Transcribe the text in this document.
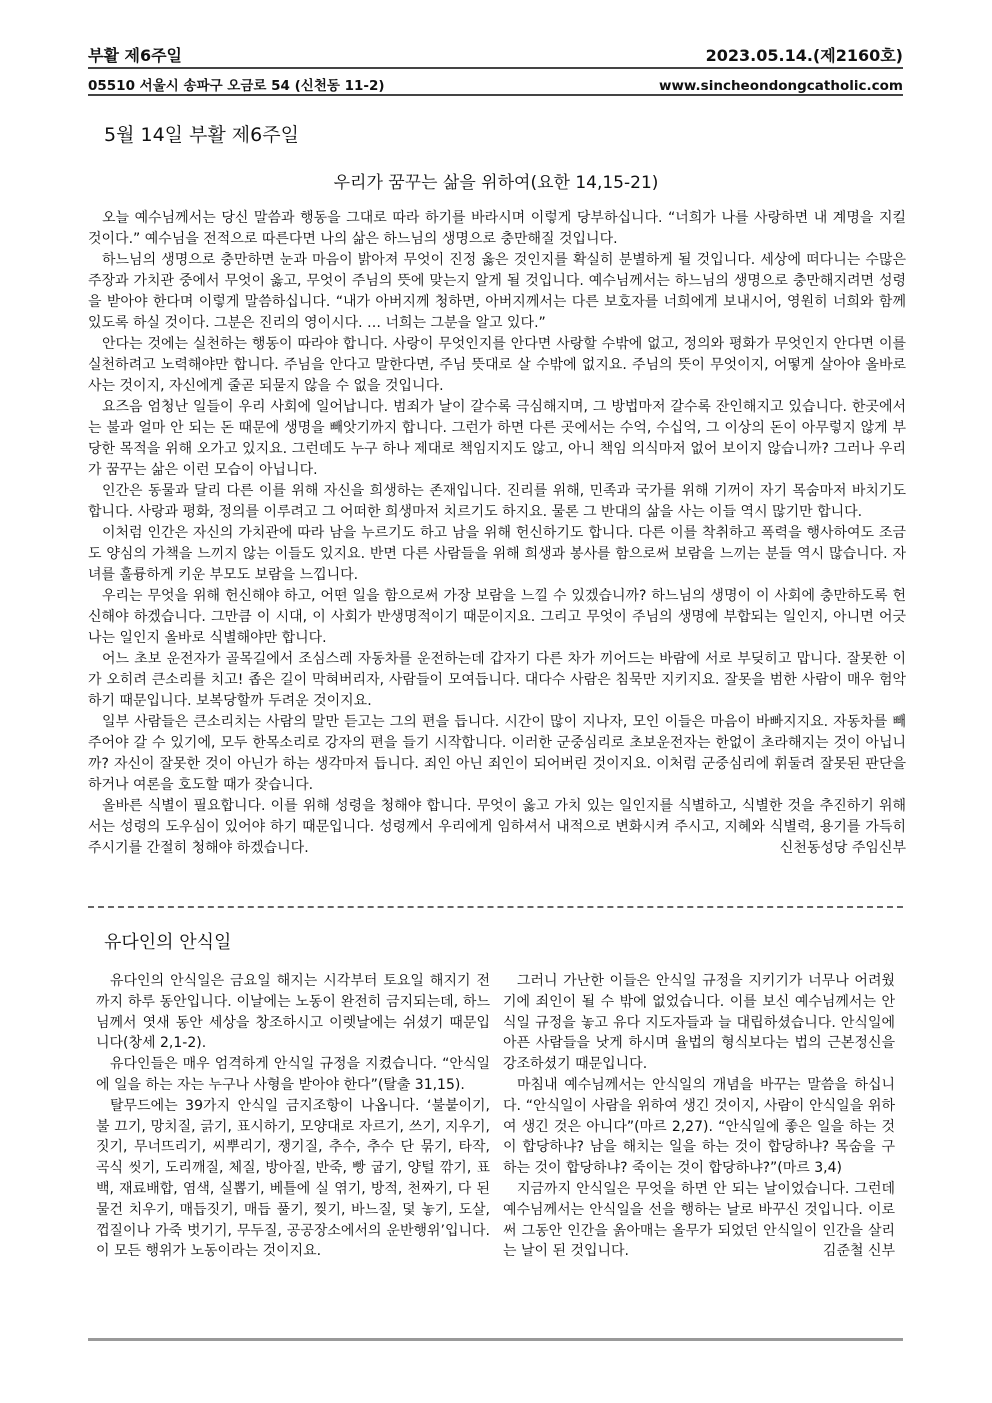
부활 제6주일	2023.05.14.(제2160호)
05510 서울시 송파구 오금로 54 (신천동 11-2)	www.sincheondongcatholic.com
5월 14일 부활 제6주일
우리가 꿈꾸는 삶을 위하여(요한 14,15-21)

오늘 예수님께서는 당신 말씀과 행동을 그대로 따라 하기를 바라시며 이렇게 당부하십니다. “너희가 나를 사랑하면 내 계명을 지킬 것이다.” 예수님을 전적으로 따른다면 나의 삶은 하느님의 생명으로 충만해질 것입니다.

하느님의 생명으로 충만하면 눈과 마음이 밝아져 무엇이 진정 옳은 것인지를 확실히 분별하게 될 것입니다. 세상에 떠다니는 수많은 주장과 가치관 중에서 무엇이 옳고, 무엇이 주님의 뜻에 맞는지 알게 될 것입니다. 예수님께서는 하느님의 생명으로 충만해지려면 성령을 받아야 한다며 이렇게 말씀하십니다. “내가 아버지께 청하면, 아버지께서는 다른 보호자를 너희에게 보내시어, 영원히 너희와 함께 있도록 하실 것이다. 그분은 진리의 영이시다. … 너희는 그분을 알고 있다.”

안다는 것에는 실천하는 행동이 따라야 합니다. 사랑이 무엇인지를 안다면 사랑할 수밖에 없고, 정의와 평화가 무엇인지 안다면 이를 실천하려고 노력해야만 합니다. 주님을 안다고 말한다면, 주님 뜻대로 살 수밖에 없지요. 주님의 뜻이 무엇이지, 어떻게 살아야 올바로 사는 것이지, 자신에게 줄곧 되묻지 않을 수 없을 것입니다.

요즈음 엄청난 일들이 우리 사회에 일어납니다. 범죄가 날이 갈수록 극심해지며, 그 방법마저 갈수록 잔인해지고 있습니다. 한곳에서는 불과 얼마 안 되는 돈 때문에 생명을 빼앗기까지 합니다. 그런가 하면 다른 곳에서는 수억, 수십억, 그 이상의 돈이 아무렇지 않게 부당한 목적을 위해 오가고 있지요. 그런데도 누구 하나 제대로 책임지지도 않고, 아니 책임 의식마저 없어 보이지 않습니까? 그러나 우리가 꿈꾸는 삶은 이런 모습이 아닙니다.

인간은 동물과 달리 다른 이를 위해 자신을 희생하는 존재입니다. 진리를 위해, 민족과 국가를 위해 기꺼이 자기 목숨마저 바치기도 합니다. 사랑과 평화, 정의를 이루려고 그 어떠한 희생마저 치르기도 하지요. 물론 그 반대의 삶을 사는 이들 역시 많기만 합니다.

이처럼 인간은 자신의 가치관에 따라 남을 누르기도 하고 남을 위해 헌신하기도 합니다. 다른 이를 착취하고 폭력을 행사하여도 조금도 양심의 가책을 느끼지 않는 이들도 있지요. 반면 다른 사람들을 위해 희생과 봉사를 함으로써 보람을 느끼는 분들 역시 많습니다. 자녀를 훌륭하게 키운 부모도 보람을 느낍니다.

우리는 무엇을 위해 헌신해야 하고, 어떤 일을 함으로써 가장 보람을 느낄 수 있겠습니까? 하느님의 생명이 이 사회에 충만하도록 헌신해야 하겠습니다. 그만큼 이 시대, 이 사회가 반생명적이기 때문이지요. 그리고 무엇이 주님의 생명에 부합되는 일인지, 아니면 어긋나는 일인지 올바로 식별해야만 합니다.

어느 초보 운전자가 골목길에서 조심스레 자동차를 운전하는데 갑자기 다른 차가 끼어드는 바람에 서로 부딪히고 맙니다. 잘못한 이가 오히려 큰소리를 치고! 좁은 길이 막혀버리자, 사람들이 모여듭니다. 대다수 사람은 침묵만 지키지요. 잘못을 범한 사람이 매우 험악하기 때문입니다. 보복당할까 두려운 것이지요.

일부 사람들은 큰소리치는 사람의 말만 듣고는 그의 편을 듭니다. 시간이 많이 지나자, 모인 이들은 마음이 바빠지지요. 자동차를 빼주어야 갈 수 있기에, 모두 한목소리로 강자의 편을 들기 시작합니다. 이러한 군중심리로 초보운전자는 한없이 초라해지는 것이 아닙니까? 자신이 잘못한 것이 아닌가 하는 생각마저 듭니다. 죄인 아닌 죄인이 되어버린 것이지요. 이처럼 군중심리에 휘둘려 잘못된 판단을 하거나 여론을 호도할 때가 잦습니다.

올바른 식별이 필요합니다. 이를 위해 성령을 청해야 합니다. 무엇이 옳고 가치 있는 일인지를 식별하고, 식별한 것을 추진하기 위해서는 성령의 도우심이 있어야 하기 때문입니다. 성령께서 우리에게 임하셔서 내적으로 변화시켜 주시고, 지혜와 식별력, 용기를 가득히 주시기를 간절히 청해야 하겠습니다.	신천동성당 주임신부

유다인의 안식일

유다인의 안식일은 금요일 해지는 시각부터 토요일 해지기 전까지 하루 동안입니다. 이날에는 노동이 완전히 금지되는데, 하느님께서 엿새 동안 세상을 창조하시고 이렛날에는 쉬셨기 때문입니다(창세 2,1-2).

유다인들은 매우 엄격하게 안식일 규정을 지켰습니다. “안식일에 일을 하는 자는 누구나 사형을 받아야 한다”(탈출 31,15).

탈무드에는 39가지 안식일 금지조항이 나옵니다. ‘불붙이기, 불 끄기, 망치질, 긁기, 표시하기, 모양대로 자르기, 쓰기, 지우기, 짓기, 무너뜨리기, 씨뿌리기, 쟁기질, 추수, 추수 단 묶기, 타작, 곡식 씻기, 도리깨질, 체질, 방아질, 반죽, 빵 굽기, 양털 깎기, 표백, 재료배합, 염색, 실뽑기, 베틀에 실 엮기, 방적, 천짜기, 다 된 물건 치우기, 매듭짓기, 매듭 풀기, 찢기, 바느질, 덫 놓기, 도살, 껍질이나 가죽 벗기기, 무두질, 공공장소에서의 운반행위’입니다. 이 모든 행위가 노동이라는 것이지요.

그러니 가난한 이들은 안식일 규정을 지키기가 너무나 어려웠기에 죄인이 될 수 밖에 없었습니다. 이를 보신 예수님께서는 안식일 규정을 놓고 유다 지도자들과 늘 대립하셨습니다. 안식일에 아픈 사람들을 낫게 하시며 율법의 형식보다는 법의 근본정신을 강조하셨기 때문입니다.

마침내 예수님께서는 안식일의 개념을 바꾸는 말씀을 하십니다. “안식일이 사람을 위하여 생긴 것이지, 사람이 안식일을 위하여 생긴 것은 아니다”(마르 2,27). “안식일에 좋은 일을 하는 것이 합당하냐? 남을 해치는 일을 하는 것이 합당하냐? 목숨을 구하는 것이 합당하냐? 죽이는 것이 합당하냐?”(마르 3,4)

지금까지 안식일은 무엇을 하면 안 되는 날이었습니다. 그런데 예수님께서는 안식일을 선을 행하는 날로 바꾸신 것입니다. 이로써 그동안 인간을 옭아매는 올무가 되었던 안식일이 인간을 살리는 날이 된 것입니다.	김준철 신부
